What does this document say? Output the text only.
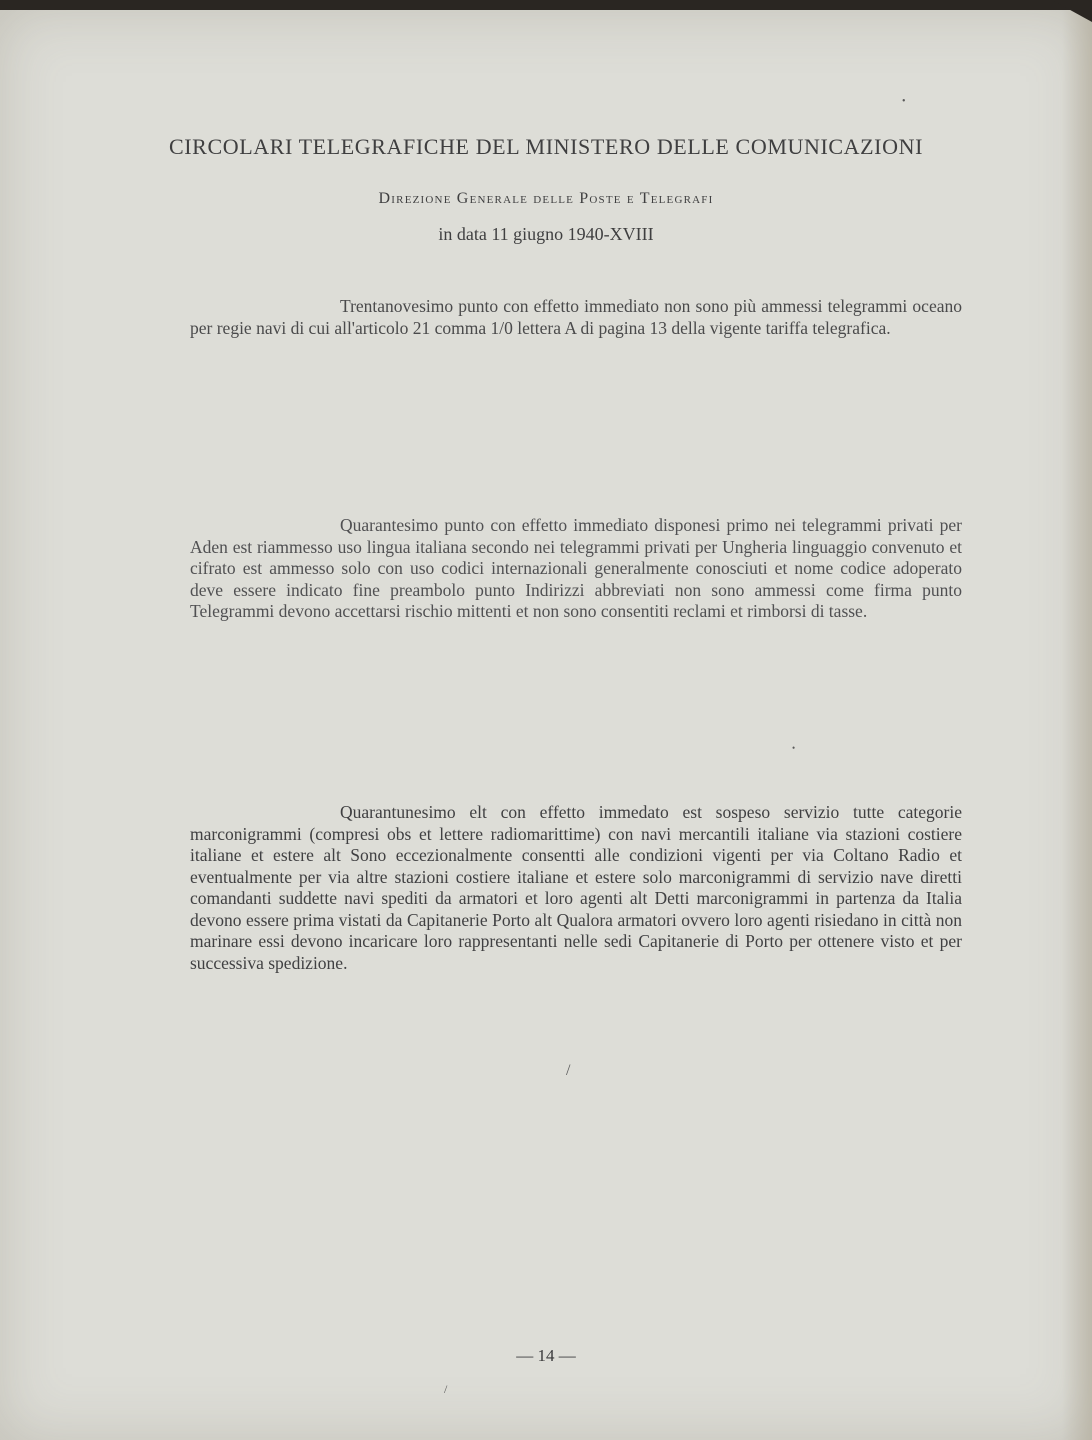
CIRCOLARI TELEGRAFICHE DEL MINISTERO DELLE COMUNICAZIONI
Direzione Generale delle Poste e Telegrafi
in data 11 giugno 1940-XVIII

Trentanovesimo punto con effetto immediato non sono più ammessi telegrammi oceano per regie navi di cui all'articolo 21 comma 1/0 lettera A di pagina 13 della vigente tariffa telegrafica.

Quarantesimo punto con effetto immediato disponesi primo nei telegrammi privati per Aden est riammesso uso lingua italiana secondo nei telegrammi privati per Ungheria linguaggio convenuto et cifrato est ammesso solo con uso codici internazionali generalmente conosciuti et nome codice adoperato deve essere indicato fine preambolo punto Indirizzi abbreviati non sono ammessi come firma punto Telegrammi devono accettarsi rischio mittenti et non sono consentiti reclami et rimborsi di tasse.

Quarantunesimo elt con effetto immedato est sospeso servizio tutte categorie marconigrammi (compresi obs et lettere radiomarittime) con navi mercantili italiane via stazioni costiere italiane et estere alt Sono eccezionalmente consentti alle condizioni vigenti per via Coltano Radio et eventualmente per via altre stazioni costiere italiane et estere solo marconigrammi di servizio nave diretti comandanti suddette navi spediti da armatori et loro agenti alt Detti marconigrammi in partenza da Italia devono essere prima vistati da Capitanerie Porto alt Qualora armatori ovvero loro agenti risiedano in città non marinare essi devono incaricare loro rappresentanti nelle sedi Capitanerie di Porto per ottenere visto et per successiva spedizione.

— 14 —
•
•
/
/
